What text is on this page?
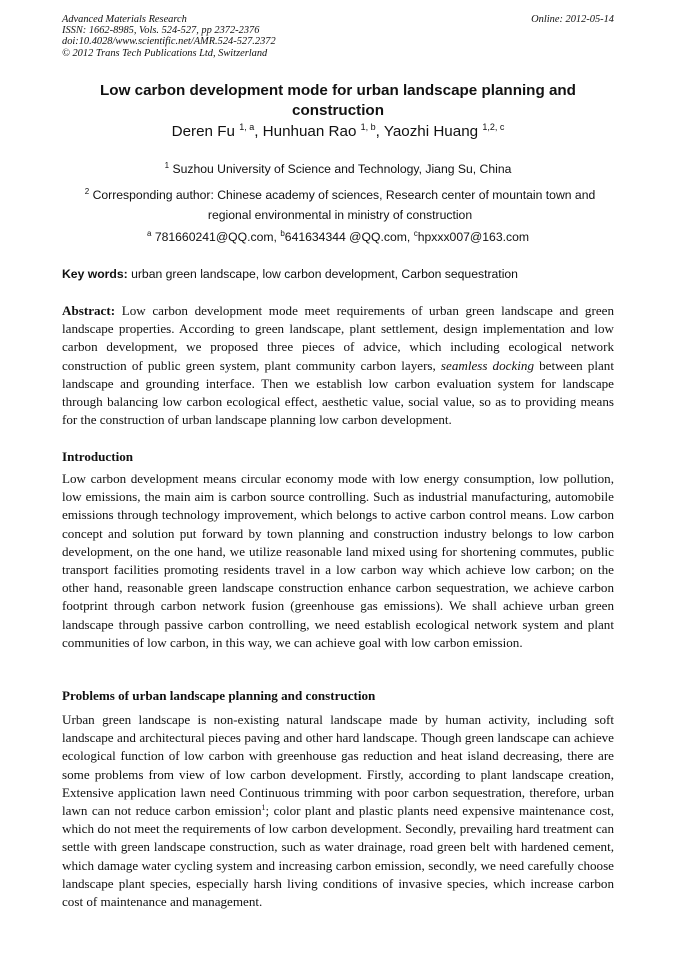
Advanced Materials Research
ISSN: 1662-8985, Vols. 524-527, pp 2372-2376
doi:10.4028/www.scientific.net/AMR.524-527.2372
© 2012 Trans Tech Publications Ltd, Switzerland
Online: 2012-05-14
Low carbon development mode for urban landscape planning and
construction
Deren Fu $^{1, a}$, Hunhuan Rao $^{1, b}$, Yaozhi Huang $^{1,2, c}$
$^1$ Suzhou University of Science and Technology, Jiang Su, China
$^2$ Corresponding author: Chinese academy of sciences, Research center of mountain town and
regional environmental in ministry of construction
$^a$ 781660241@QQ.com, $^b$641634344 @QQ.com, $^c$hpxxx007@163.com
Key words: urban green landscape, low carbon development, Carbon sequestration
Abstract: Low carbon development mode meet requirements of urban green landscape and green landscape properties. According to green landscape, plant settlement, design implementation and low carbon development, we proposed three pieces of advice, which including ecological network construction of public green system, plant community carbon layers, seamless docking between plant landscape and grounding interface. Then we establish low carbon evaluation system for landscape through balancing low carbon ecological effect, aesthetic value, social value, so as to providing means for the construction of urban landscape planning low carbon development.
Introduction
Low carbon development means circular economy mode with low energy consumption, low pollution, low emissions, the main aim is carbon source controlling. Such as industrial manufacturing, automobile emissions through technology improvement, which belongs to active carbon control means. Low carbon concept and solution put forward by town planning and construction industry belongs to low carbon development, on the one hand, we utilize reasonable land mixed using for shortening commutes, public transport facilities promoting residents travel in a low carbon way which achieve low carbon; on the other hand, reasonable green landscape construction enhance carbon sequestration, we achieve carbon footprint through carbon network fusion (greenhouse gas emissions). We shall achieve urban green landscape through passive carbon controlling, we need establish ecological network system and plant communities of low carbon, in this way, we can achieve goal with low carbon emission.
Problems of urban landscape planning and construction
Urban green landscape is non-existing natural landscape made by human activity, including soft landscape and architectural pieces paving and other hard landscape. Though green landscape can achieve ecological function of low carbon with greenhouse gas reduction and heat island decreasing, there are some problems from view of low carbon development. Firstly, according to plant landscape creation, Extensive application lawn need Continuous trimming with poor carbon sequestration, therefore, urban lawn can not reduce carbon emission$^1$; color plant and plastic plants need expensive maintenance cost, which do not meet the requirements of low carbon development. Secondly, prevailing hard treatment can settle with green landscape construction, such as water drainage, road green belt with hardened cement, which damage water cycling system and increasing carbon emission, secondly, we need carefully choose landscape plant species, especially harsh living conditions of invasive species, which increase carbon cost of maintenance and management.
